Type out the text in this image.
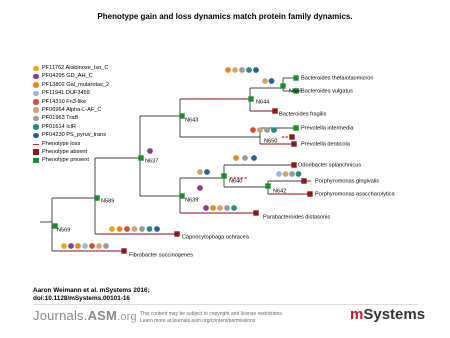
Phenotype gain and loss dynamics match protein family dynamics.
PF11762 Arabinose_Iso_C
PF04295 GD_AH_C
PF13802 Gal_mutarotas_2
PF11941 DUF3459
PF14310 Fn3-like
PF06964 Alpha-L-AF_C
PF01963 TraB
PF01614 IclR
PF04230 PS_pyruv_trans
Phenotype loss
Phenotype absent
Phenotype present
N569
N589
N637
N639
N640
N642
N643
N644
N646
N650
Bacteroides thetaiotaomicron
Bacteroides vulgatus
Bacteroides fragilis
Prevotella intermedia
Prevotella denticola
Odoribacter splanchnicus
Porphyromonas gingivalis
Porphyromonas asaccharolytica
Parabacteroides distasonis
Capnocytophaga ochracea
Fibrobacter succinogenes
Aaron Weimann et al. mSystems 2016;
doi:10.1128/mSystems.00101-16
Journals.ASM.org This content may be subject to copyright and license restrictions.
Learn more at journals.asm.org/content/permissions	mSystems
